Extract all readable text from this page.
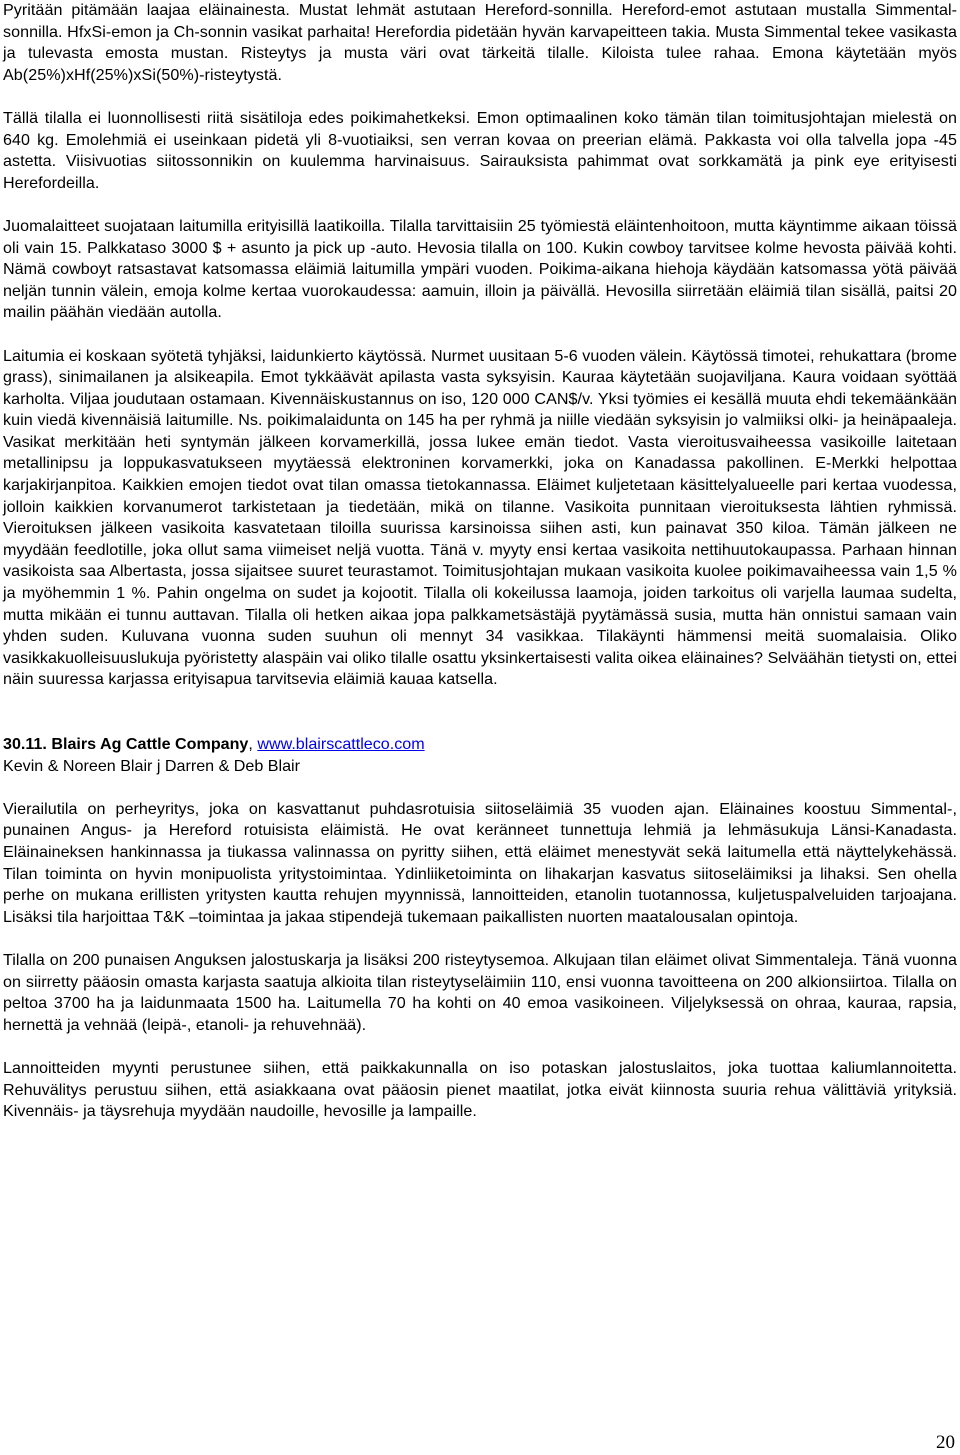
Pyritään pitämään laajaa eläinainesta. Mustat lehmät astutaan Hereford-sonnilla. Hereford-emot astutaan mustalla Simmental-sonnilla. HfxSi-emon ja Ch-sonnin vasikat parhaita! Herefordia pidetään hyvän karvapeitteen takia. Musta Simmental tekee vasikasta ja tulevasta emosta mustan. Risteytys ja musta väri ovat tärkeitä tilalle. Kiloista tulee rahaa. Emona käytetään myös Ab(25%)xHf(25%)xSi(50%)-risteytystä.

Tällä tilalla ei luonnollisesti riitä sisätiloja edes poikimahetkeksi. Emon optimaalinen koko tämän tilan toimitusjohtajan mielestä on 640 kg. Emolehmiä ei useinkaan pidetä yli 8-vuotiaiksi, sen verran kovaa on preerian elämä. Pakkasta voi olla talvella jopa -45 astetta. Viisivuotias siitossonnikin on kuulemma harvinaisuus. Sairauksista pahimmat ovat sorkkamätä ja pink eye erityisesti Herefordeilla.

Juomalaitteet suojataan laitumilla erityisillä laatikoilla. Tilalla tarvittaisiin 25 työmiestä eläintenhoitoon, mutta käyntimme aikaan töissä oli vain 15. Palkkataso 3000 $ + asunto ja pick up -auto. Hevosia tilalla on 100. Kukin cowboy tarvitsee kolme hevosta päivää kohti. Nämä cowboyt ratsastavat katsomassa eläimiä laitumilla ympäri vuoden. Poikima-aikana hiehoja käydään katsomassa yötä päivää neljän tunnin välein, emoja kolme kertaa vuorokaudessa: aamuin, illoin ja päivällä. Hevosilla siirretään eläimiä tilan sisällä, paitsi 20 mailin päähän viedään autolla.

Laitumia ei koskaan syötetä tyhjäksi, laidunkierto käytössä. Nurmet uusitaan 5-6 vuoden välein. Käytössä timotei, rehukattara (brome grass), sinimailanen ja alsikeapila. Emot tykkäävät apilasta vasta syksyisin. Kauraa käytetään suojaviljana. Kaura voidaan syöttää karholta. Viljaa joudutaan ostamaan. Kivennäiskustannus on iso, 120 000 CAN$/v. Yksi työmies ei kesällä muuta ehdi tekemäänkään kuin viedä kivennäisiä laitumille. Ns. poikimalaidunta on 145 ha per ryhmä ja niille viedään syksyisin jo valmiiksi olki- ja heinäpaaleja. Vasikat merkitään heti syntymän jälkeen korvamerkillä, jossa lukee emän tiedot. Vasta vieroitusvaiheessa vasikoille laitetaan metallinipsu ja loppukasvatukseen myytäessä elektroninen korvamerkki, joka on Kanadassa pakollinen. E-Merkki helpottaa karjakirjanpitoa. Kaikkien emojen tiedot ovat tilan omassa tietokannassa. Eläimet kuljetetaan käsittelyalueelle pari kertaa vuodessa, jolloin kaikkien korvanumerot tarkistetaan ja tiedetään, mikä on tilanne. Vasikoita punnitaan vieroituksesta lähtien ryhmissä. Vieroituksen jälkeen vasikoita kasvatetaan tiloilla suurissa karsinoissa siihen asti, kun painavat 350 kiloa. Tämän jälkeen ne myydään feedlotille, joka ollut sama viimeiset neljä vuotta. Tänä v. myyty ensi kertaa vasikoita nettihuutokaupassa. Parhaan hinnan vasikoista saa Albertasta, jossa sijaitsee suuret teurastamot. Toimitusjohtajan mukaan vasikoita kuolee poikimavaiheessa vain 1,5 % ja myöhemmin 1 %. Pahin ongelma on sudet ja kojootit. Tilalla oli kokeilussa laamoja, joiden tarkoitus oli varjella laumaa sudelta, mutta mikään ei tunnu auttavan. Tilalla oli hetken aikaa jopa palkkametsästäjä pyytämässä susia, mutta hän onnistui samaan vain yhden suden. Kuluvana vuonna suden suuhun oli mennyt 34 vasikkaa. Tilakäynti hämmensi meitä suomalaisia. Oliko vasikkakuolleisuuslukuja pyöristetty alaspäin vai oliko tilalle osattu yksinkertaisesti valita oikea eläinaines? Selväähän tietysti on, ettei näin suuressa karjassa erityisapua tarvitsevia eläimiä kauaa katsella.

30.11. Blairs Ag Cattle Company, www.blairscattleco.com

Kevin & Noreen Blair j Darren & Deb Blair

Vierailutila on perheyritys, joka on kasvattanut puhdasrotuisia siitoseläimiä 35 vuoden ajan. Eläinaines koostuu Simmental-, punainen Angus- ja Hereford rotuisista eläimistä. He ovat keränneet tunnettuja lehmiä ja lehmäsukuja Länsi-Kanadasta. Eläinaineksen hankinnassa ja tiukassa valinnassa on pyritty siihen, että eläimet menestyvät sekä laitumella että näyttelykehässä. Tilan toiminta on hyvin monipuolista yritystoimintaa. Ydinliiketoiminta on lihakarjan kasvatus siitoseläimiksi ja lihaksi. Sen ohella perhe on mukana erillisten yritysten kautta rehujen myynnissä, lannoitteiden, etanolin tuotannossa, kuljetuspalveluiden tarjoajana. Lisäksi tila harjoittaa T&K –toimintaa ja jakaa stipendejä tukemaan paikallisten nuorten maatalousalan opintoja.

Tilalla on 200 punaisen Anguksen jalostuskarja ja lisäksi 200 risteytysemoa. Alkujaan tilan eläimet olivat Simmentaleja. Tänä vuonna on siirretty pääosin omasta karjasta saatuja alkioita tilan risteytyseläimiin 110, ensi vuonna tavoitteena on 200 alkionsiirtoa. Tilalla on peltoa 3700 ha ja laidunmaata 1500 ha. Laitumella 70 ha kohti on 40 emoa vasikoineen. Viljelyksessä on ohraa, kauraa, rapsia, hernettä ja vehnää (leipä-, etanoli- ja rehuvehnää).

Lannoitteiden myynti perustunee siihen, että paikkakunnalla on iso potaskan jalostuslaitos, joka tuottaa kaliumlannoitetta. Rehuvälitys perustuu siihen, että asiakkaana ovat pääosin pienet maatilat, jotka eivät kiinnosta suuria rehua välittäviä yrityksiä. Kivennäis- ja täysrehuja myydään naudoille, hevosille ja lampaille.

20
